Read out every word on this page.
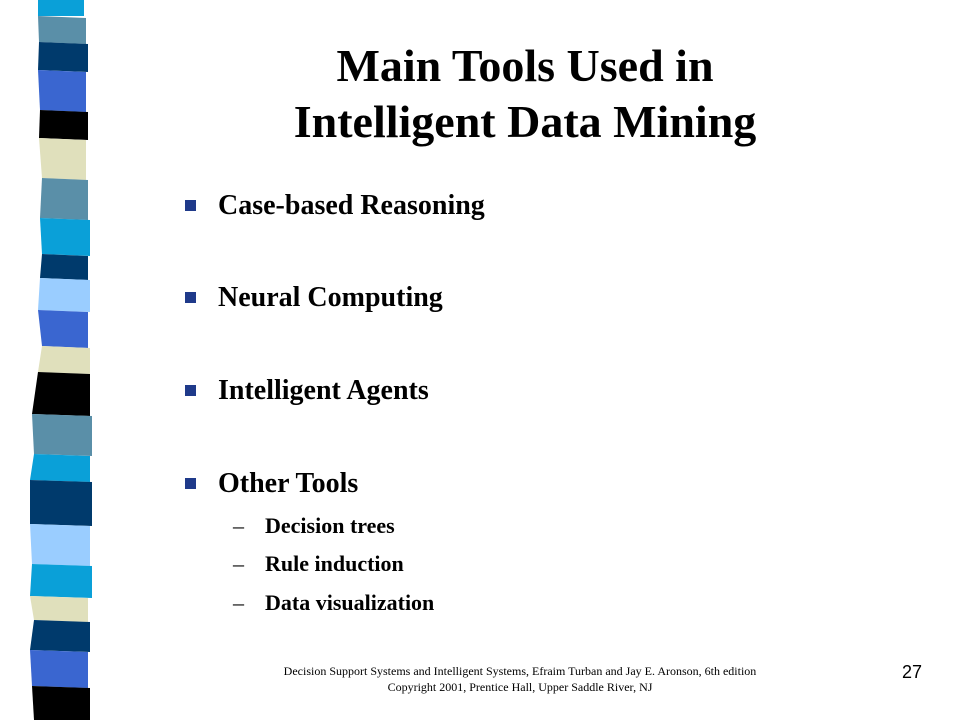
Main Tools Used in
Intelligent Data Mining
Case-based Reasoning
Neural Computing
Intelligent Agents
Other Tools
– Decision trees
– Rule induction
– Data visualization
Decision Support Systems and Intelligent Systems, Efraim Turban and Jay E. Aronson, 6th edition
Copyright 2001, Prentice Hall, Upper Saddle River, NJ
27
